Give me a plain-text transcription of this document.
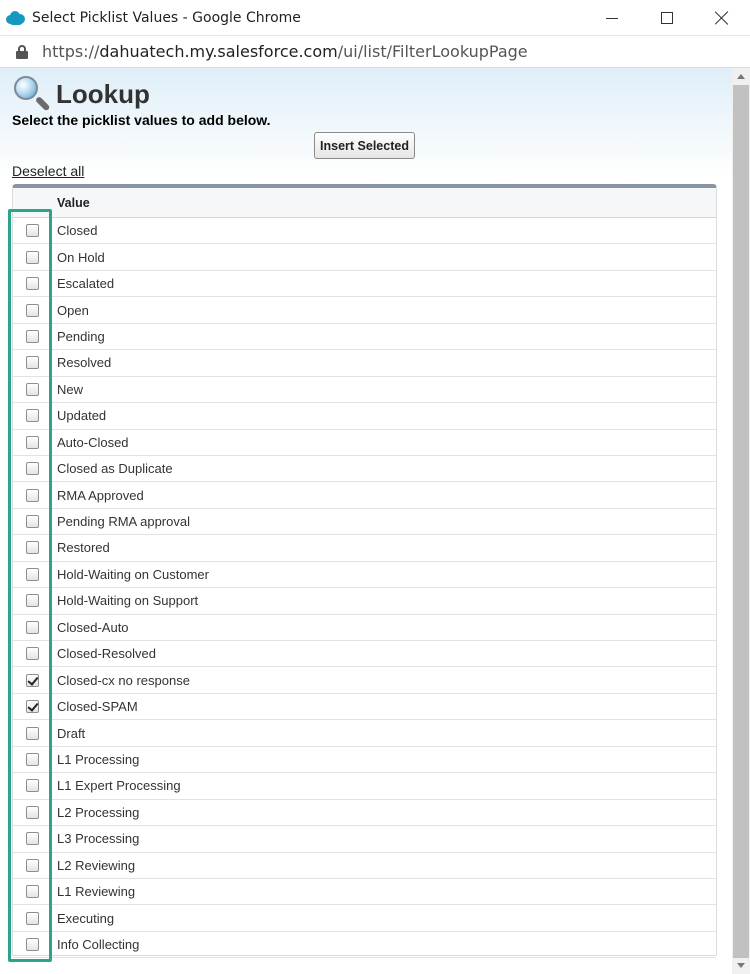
Select Picklist Values - Google Chrome
https://dahuatech.my.salesforce.com/ui/list/FilterLookupPage
Lookup
Select the picklist values to add below.
Insert Selected
Deselect all
Value
Closed
On Hold
Escalated
Open
Pending
Resolved
New
Updated
Auto-Closed
Closed as Duplicate
RMA Approved
Pending RMA approval
Restored
Hold-Waiting on Customer
Hold-Waiting on Support
Closed-Auto
Closed-Resolved
Closed-cx no response
Closed-SPAM
Draft
L1 Processing
L1 Expert Processing
L2 Processing
L3 Processing
L2 Reviewing
L1 Reviewing
Executing
Info Collecting
